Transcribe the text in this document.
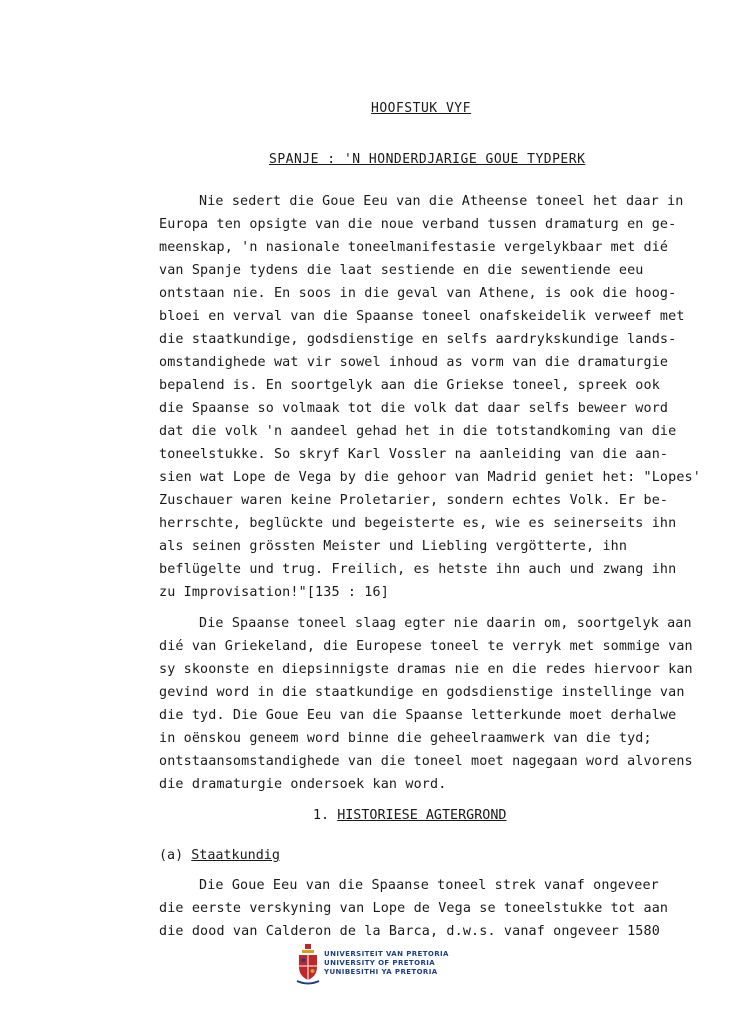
HOOFSTUK VYF
SPANJE : 'N HONDERDJARIGE GOUE TYDPERK
Nie sedert die Goue Eeu van die Atheense toneel het daar in
Europa ten opsigte van die noue verband tussen dramaturg en ge-
meenskap, 'n nasionale toneelmanifestasie vergelykbaar met dié
van Spanje tydens die laat sestiende en die sewentiende eeu
ontstaan nie. En soos in die geval van Athene, is ook die hoog-
bloei en verval van die Spaanse toneel onafskeidelik verweef met
die staatkundige, godsdienstige en selfs aardrykskundige lands-
omstandighede wat vir sowel inhoud as vorm van die dramaturgie
bepalend is. En soortgelyk aan die Griekse toneel, spreek ook
die Spaanse so volmaak tot die volk dat daar selfs beweer word
dat die volk 'n aandeel gehad het in die totstandkoming van die
toneelstukke. So skryf Karl Vossler na aanleiding van die aan-
sien wat Lope de Vega by die gehoor van Madrid geniet het: "Lopes'
Zuschauer waren keine Proletarier, sondern echtes Volk. Er be-
herrschte, beglückte und begeisterte es, wie es seinerseits ihn
als seinen grössten Meister und Liebling vergötterte, ihn
beflügelte und trug. Freilich, es hetste ihn auch und zwang ihn
zu Improvisation!"[135 : 16]
Die Spaanse toneel slaag egter nie daarin om, soortgelyk aan
dié van Griekeland, die Europese toneel te verryk met sommige van
sy skoonste en diepsinnigste dramas nie en die redes hiervoor kan
gevind word in die staatkundige en godsdienstige instellinge van
die tyd. Die Goue Eeu van die Spaanse letterkunde moet derhalwe
in oënskou geneem word binne die geheelraamwerk van die tyd;
ontstaansomstandighede van die toneel moet nagegaan word alvorens
die dramaturgie ondersoek kan word.
1. HISTORIESE AGTERGROND
(a) Staatkundig
Die Goue Eeu van die Spaanse toneel strek vanaf ongeveer
die eerste verskyning van Lope de Vega se toneelstukke tot aan
die dood van Calderon de la Barca, d.w.s. vanaf ongeveer 1580
UNIVERSITEIT VAN PRETORIA
UNIVERSITY OF PRETORIA
YUNIBESITHI YA PRETORIA
